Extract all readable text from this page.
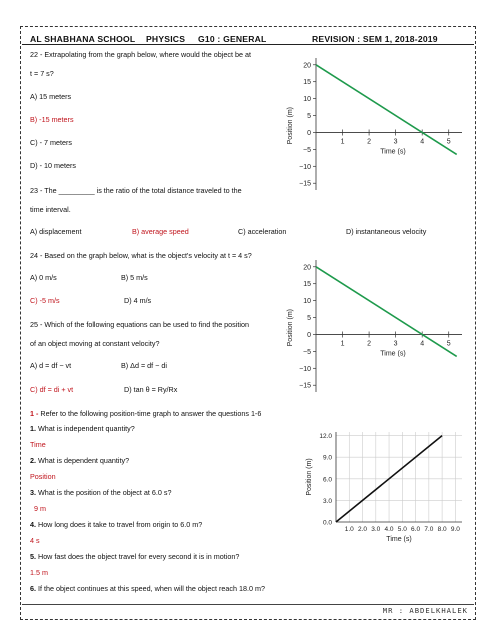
AL SHABHANA SCHOOL PHYSICS G10 : GENERAL	REVISION : SEM 1, 2018-2019
22 - Extrapolating from the graph below, where would the object be at
t = 7 s?
A) 15 meters
B) -15 meters
C) - 7 meters
D) - 10 meters
23 - The _________ is the ratio of the total distance traveled to the
time interval.
A) displacement	B) average speed	C) acceleration	D) instantaneous velocity
24 - Based on the graph below, what is the object's velocity at t = 4 s?
A) 0 m/s	B) 5 m/s
C) -5 m/s	D) 4 m/s
25 - Which of the following equations can be used to find the position
of an object moving at constant velocity?
A) d = df − vt	B) Δd = df − di
C) df = di + vt	D) tan θ = Ry/Rx
1 - Refer to the following position-time graph to answer the questions 1-6
1. What is independent quantity?
Time
2. What is dependent quantity?
Position
3. What is the position of the object at 6.0 s?
9 m
4. How long does it take to travel from origin to 6.0 m?
4 s
5. How fast does the object travel for every second it is in motion?
1.5 m
6. If the object continues at this speed, when will the object reach 18.0 m?
20
15
10
5
0
−5
−10
−15
1	2	3	4	5
Time (s)
Position (m)
20
15
10
5
0
−5
−10
−15
1	2	3	4	5
Time (s)
Position (m)
12.0
9.0
6.0
3.0
0.0
1.0 2.0 3.0 4.0 5.0 6.0 7.0 8.0 9.0
Time (s)
Position (m)
MR : ABDELKHALEK
